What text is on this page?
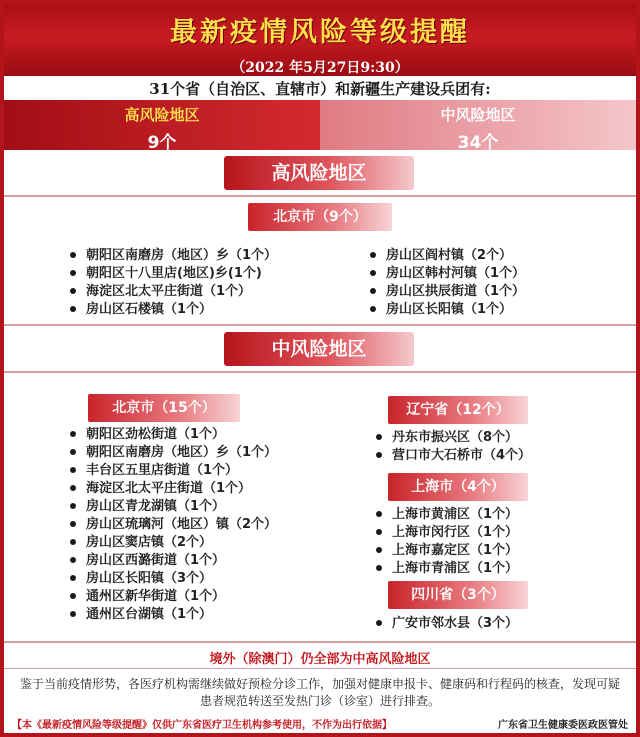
最新疫情风险等级提醒
（2022 年5月27日9:30）
31个省（自治区、直辖市）和新疆生产建设兵团有:
高风险地区
9个
中风险地区
34个
高风险地区
北京市（9个）
朝阳区南磨房（地区）乡（1个）
朝阳区十八里店(地区)乡(1个)
海淀区北太平庄街道（1个）
房山区石楼镇（1个）
房山区阎村镇（2个）
房山区韩村河镇（1个）
房山区拱辰街道（1个）
房山区长阳镇（1个）
中风险地区
北京市（15个）
朝阳区劲松街道（1个）
朝阳区南磨房（地区）乡（1个）
丰台区五里店街道（1个）
海淀区北太平庄街道（1个）
房山区青龙湖镇（1个）
房山区琉璃河（地区）镇（2个）
房山区窦店镇（2个）
房山区西潞街道（1个）
房山区长阳镇（3个）
通州区新华街道（1个）
通州区台湖镇（1个）
辽宁省（12个）
丹东市振兴区（8个）
营口市大石桥市（4个）
上海市（4个）
上海市黄浦区（1个）
上海市闵行区（1个）
上海市嘉定区（1个）
上海市青浦区（1个）
四川省（3个）
广安市邻水县（3个）
境外（除澳门）仍全部为中高风险地区
鉴于当前疫情形势，各医疗机构需继续做好预检分诊工作，加强对健康申报卡、健康码和行程码的核查，发现可疑患者规范转送至发热门诊（诊室）进行排查。
【本《最新疫情风险等级提醒》仅供广东省医疗卫生机构参考使用，不作为出行依据】	广东省卫生健康委医政医管处
